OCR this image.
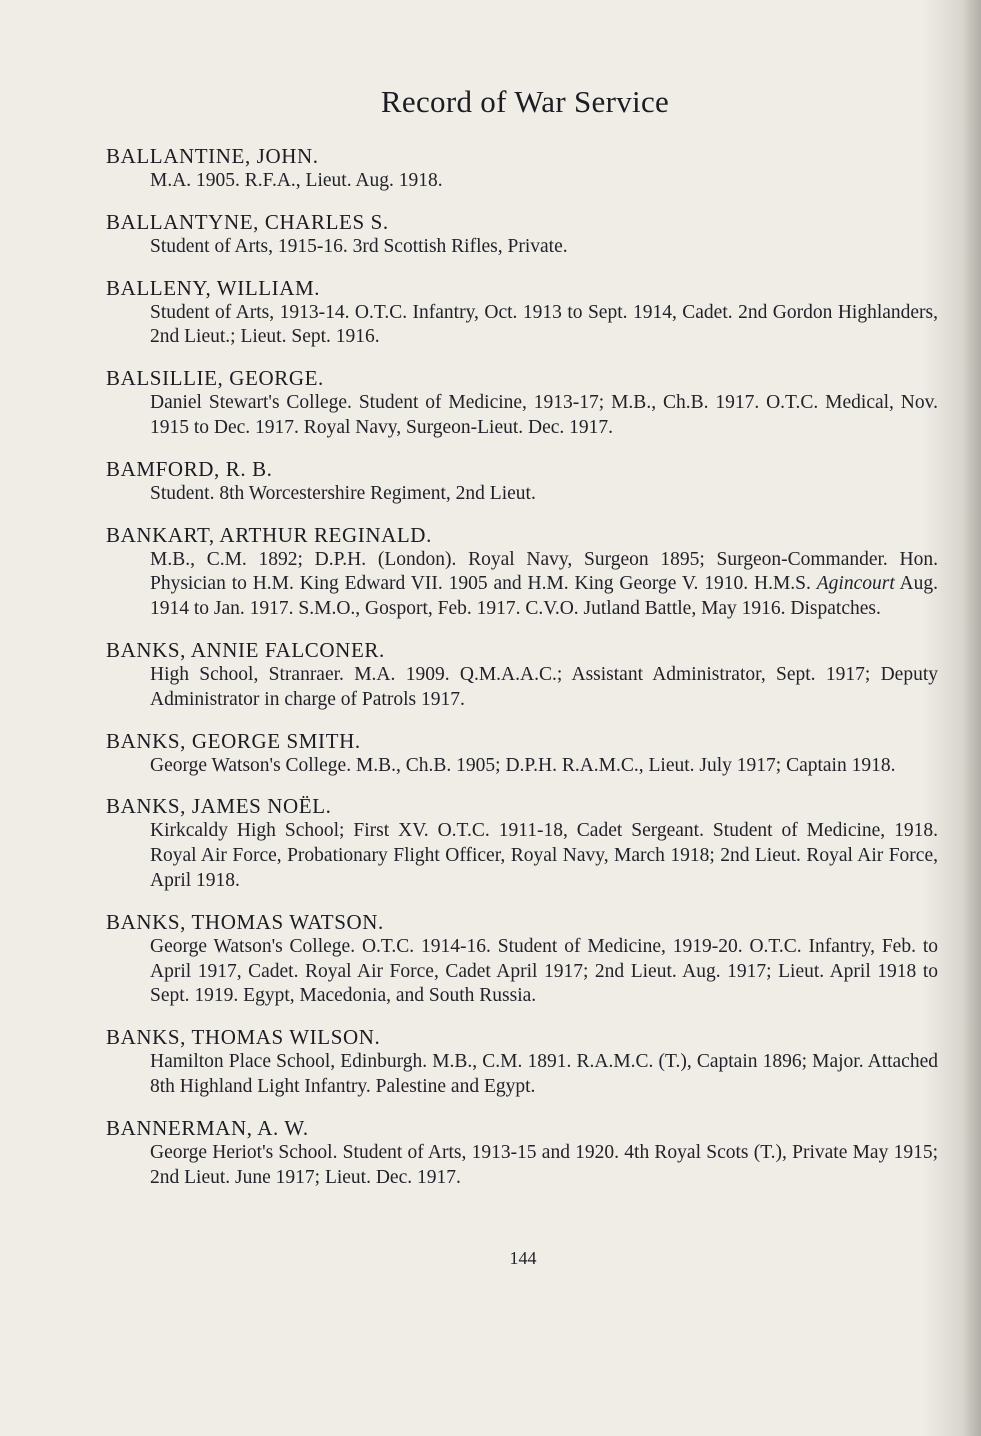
Record of War Service
BALLANTINE, JOHN.
M.A. 1905. R.F.A., Lieut. Aug. 1918.
BALLANTYNE, CHARLES S.
Student of Arts, 1915-16. 3rd Scottish Rifles, Private.
BALLENY, WILLIAM.
Student of Arts, 1913-14. O.T.C. Infantry, Oct. 1913 to Sept. 1914, Cadet. 2nd Gordon Highlanders, 2nd Lieut.; Lieut. Sept. 1916.
BALSILLIE, GEORGE.
Daniel Stewart's College. Student of Medicine, 1913-17; M.B., Ch.B. 1917. O.T.C. Medical, Nov. 1915 to Dec. 1917. Royal Navy, Surgeon-Lieut. Dec. 1917.
BAMFORD, R. B.
Student. 8th Worcestershire Regiment, 2nd Lieut.
BANKART, ARTHUR REGINALD.
M.B., C.M. 1892; D.P.H. (London). Royal Navy, Surgeon 1895; Surgeon-Commander. Hon. Physician to H.M. King Edward VII. 1905 and H.M. King George V. 1910. H.M.S. Agincourt Aug. 1914 to Jan. 1917. S.M.O., Gosport, Feb. 1917. C.V.O. Jutland Battle, May 1916. Dispatches.
BANKS, ANNIE FALCONER.
High School, Stranraer. M.A. 1909. Q.M.A.A.C.; Assistant Administrator, Sept. 1917; Deputy Administrator in charge of Patrols 1917.
BANKS, GEORGE SMITH.
George Watson's College. M.B., Ch.B. 1905; D.P.H. R.A.M.C., Lieut. July 1917; Captain 1918.
BANKS, JAMES NOËL.
Kirkcaldy High School; First XV. O.T.C. 1911-18, Cadet Sergeant. Student of Medicine, 1918. Royal Air Force, Probationary Flight Officer, Royal Navy, March 1918; 2nd Lieut. Royal Air Force, April 1918.
BANKS, THOMAS WATSON.
George Watson's College. O.T.C. 1914-16. Student of Medicine, 1919-20. O.T.C. Infantry, Feb. to April 1917, Cadet. Royal Air Force, Cadet April 1917; 2nd Lieut. Aug. 1917; Lieut. April 1918 to Sept. 1919. Egypt, Macedonia, and South Russia.
BANKS, THOMAS WILSON.
Hamilton Place School, Edinburgh. M.B., C.M. 1891. R.A.M.C. (T.), Captain 1896; Major. Attached 8th Highland Light Infantry. Palestine and Egypt.
BANNERMAN, A. W.
George Heriot's School. Student of Arts, 1913-15 and 1920. 4th Royal Scots (T.), Private May 1915; 2nd Lieut. June 1917; Lieut. Dec. 1917.
144
